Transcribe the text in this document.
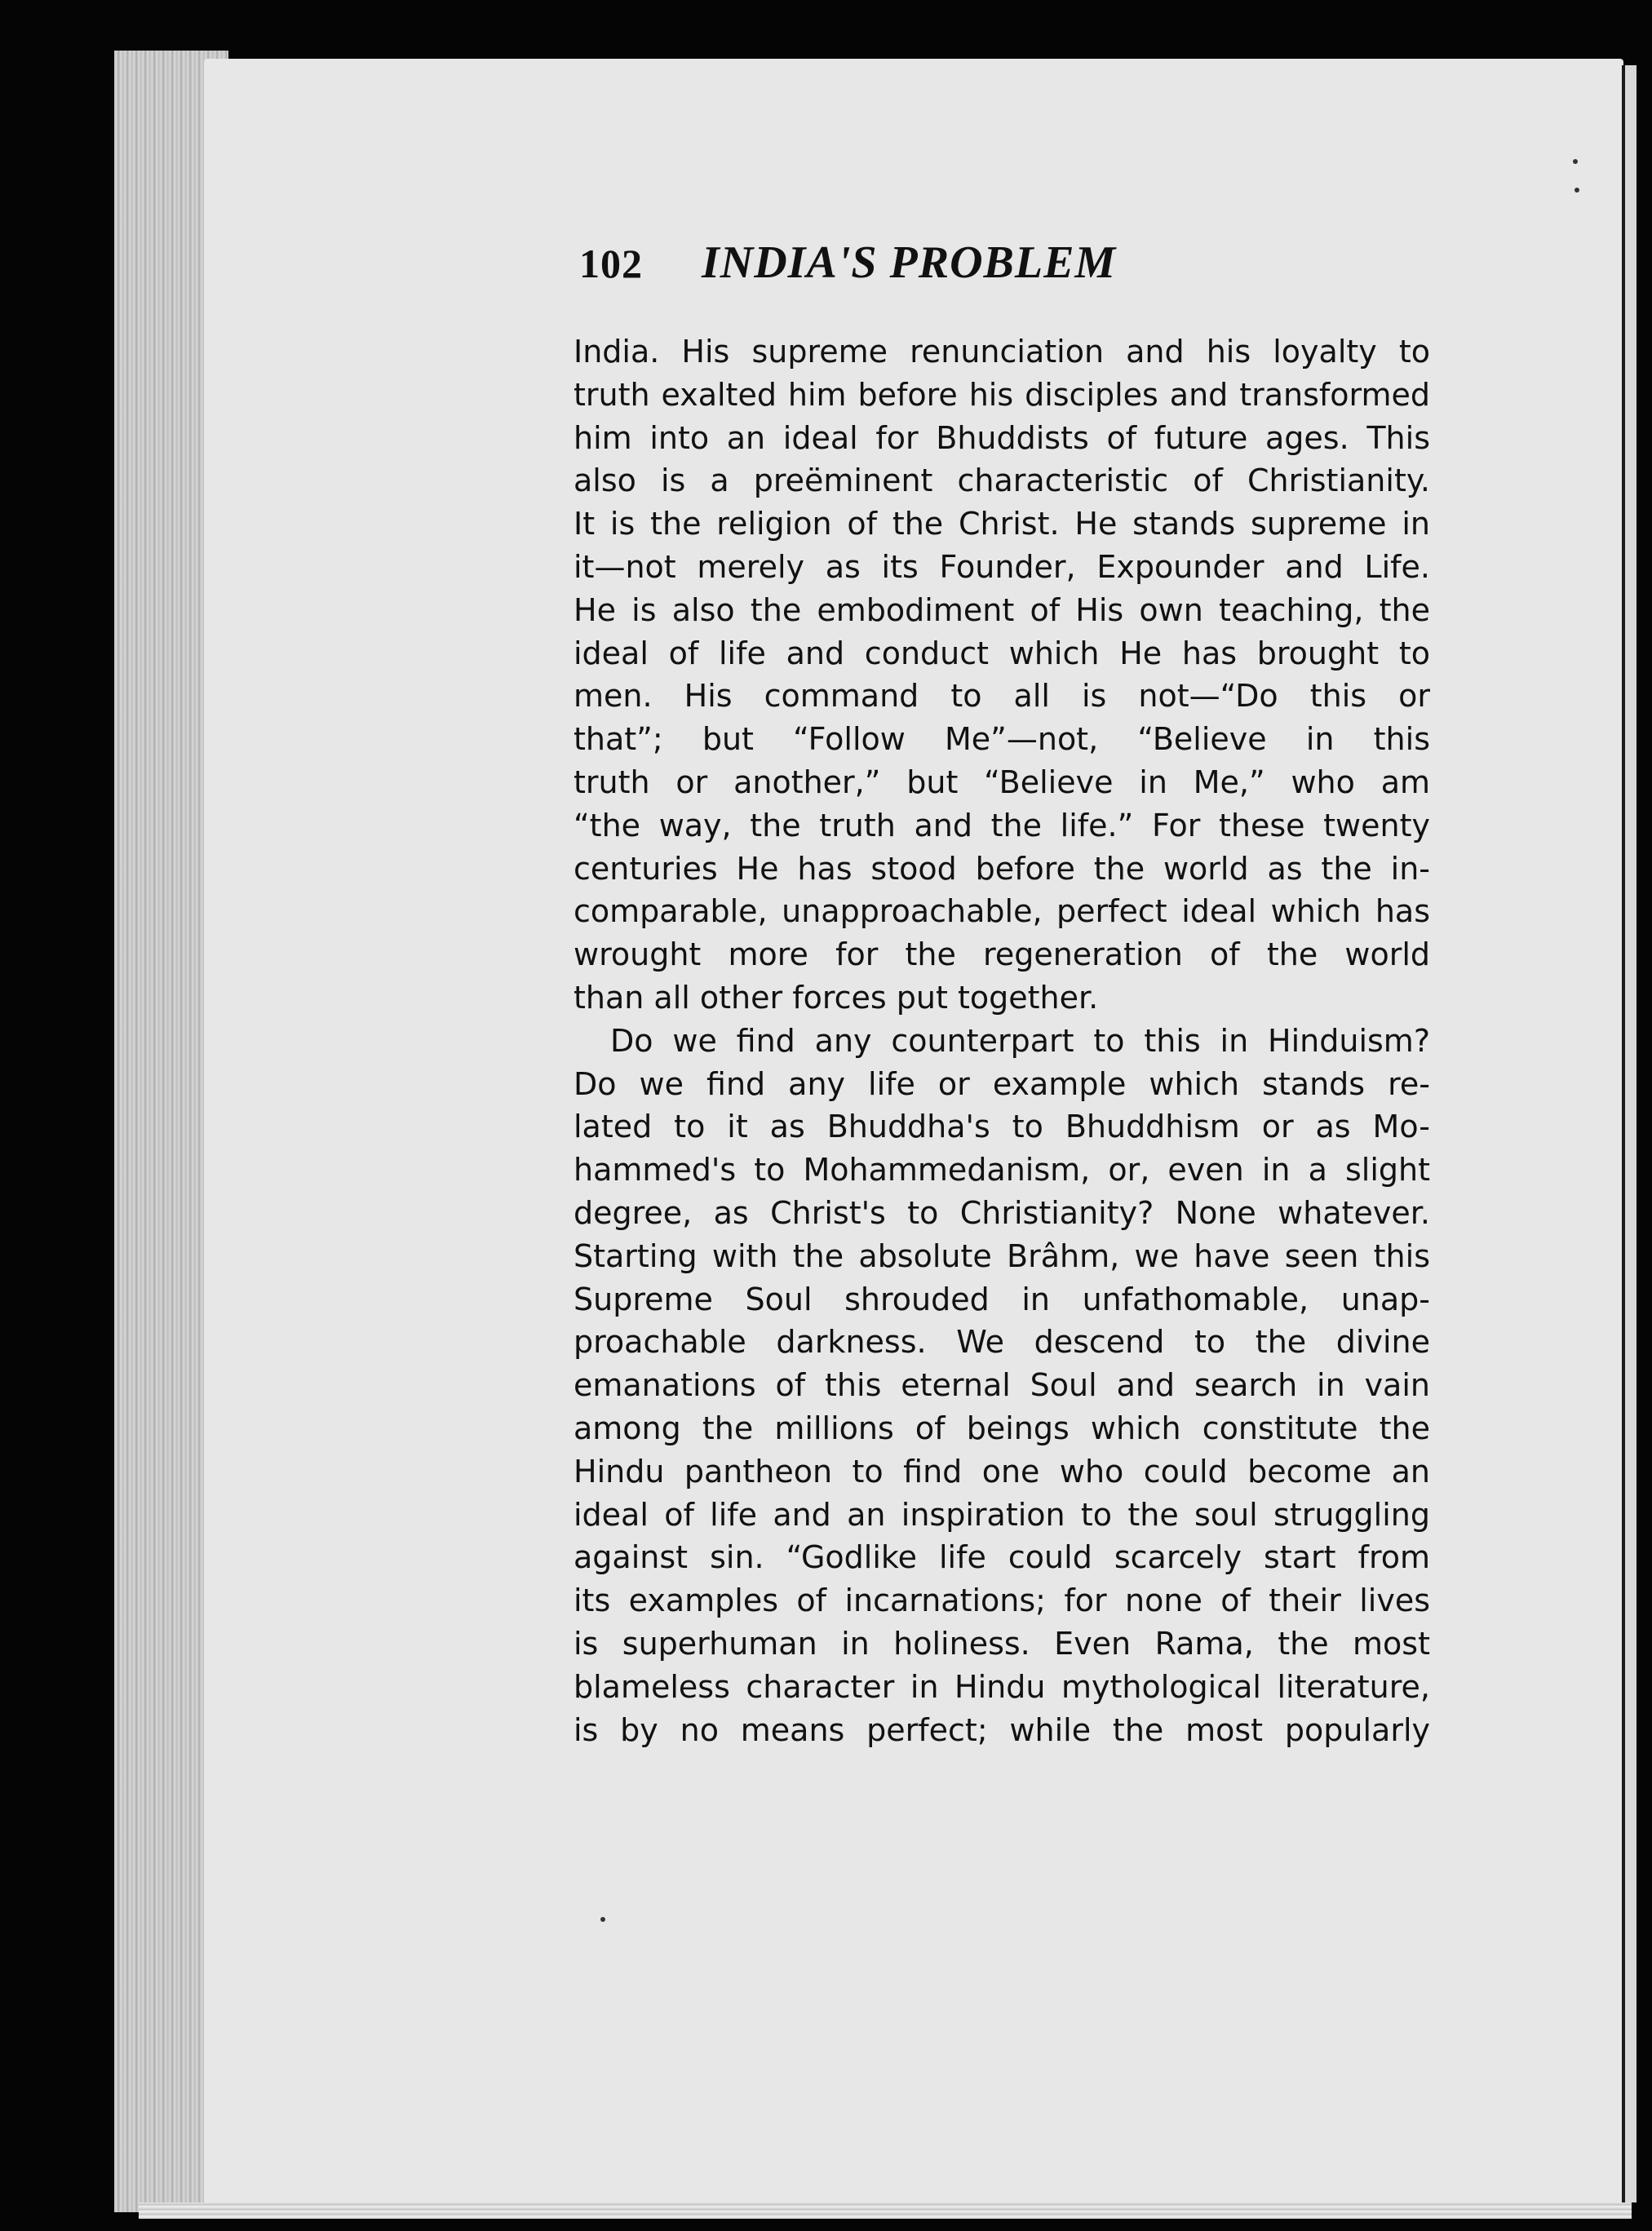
102 INDIA'S PROBLEM
India. His supreme renunciation and his loyalty to
truth exalted him before his disciples and transformed
him into an ideal for Bhuddists of future ages. This
also is a preëminent characteristic of Christianity.
It is the religion of the Christ. He stands supreme in
it—not merely as its Founder, Expounder and Life.
He is also the embodiment of His own teaching, the
ideal of life and conduct which He has brought to
men. His command to all is not—“Do this or
that”; but “Follow Me”—not, “Believe in this
truth or another,” but “Believe in Me,” who am
“the way, the truth and the life.” For these twenty
centuries He has stood before the world as the in-
comparable, unapproachable, perfect ideal which has
wrought more for the regeneration of the world
than all other forces put together.
Do we find any counterpart to this in Hinduism?
Do we find any life or example which stands re-
lated to it as Bhuddha's to Bhuddhism or as Mo-
hammed's to Mohammedanism, or, even in a slight
degree, as Christ's to Christianity? None whatever.
Starting with the absolute Brâhm, we have seen this
Supreme Soul shrouded in unfathomable, unap-
proachable darkness. We descend to the divine
emanations of this eternal Soul and search in vain
among the millions of beings which constitute the
Hindu pantheon to find one who could become an
ideal of life and an inspiration to the soul struggling
against sin. “Godlike life could scarcely start from
its examples of incarnations; for none of their lives
is superhuman in holiness. Even Rama, the most
blameless character in Hindu mythological literature,
is by no means perfect; while the most popularly
